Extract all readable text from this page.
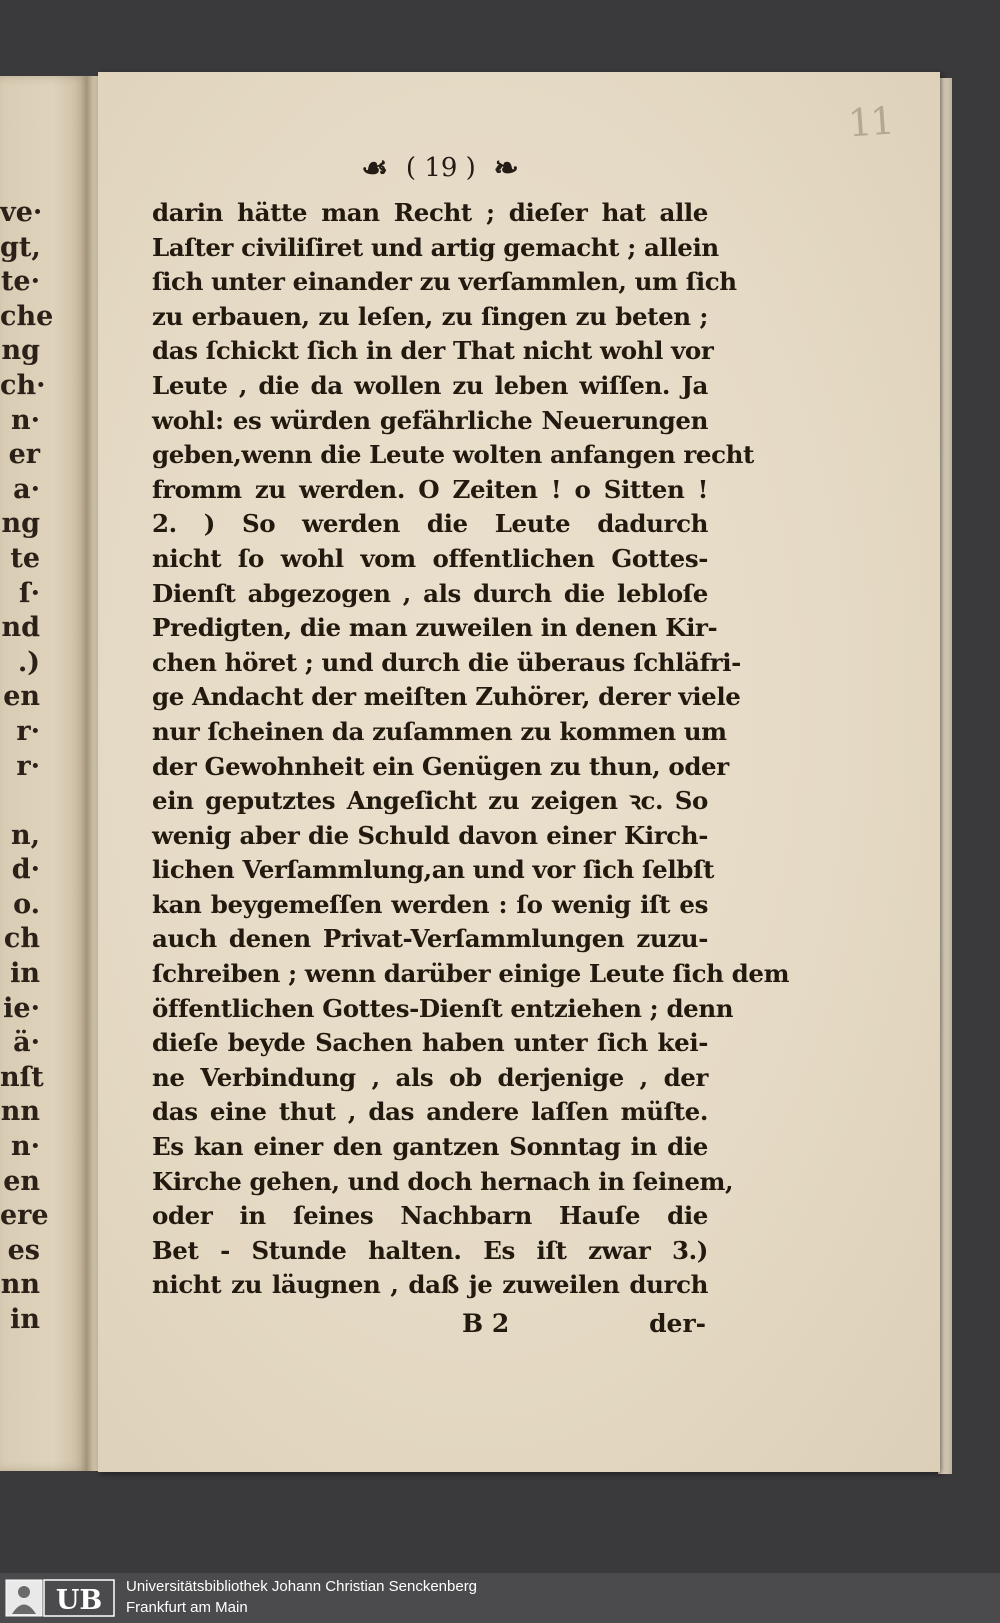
ve·
gt,
te·
che
ng
ch·
n·
er
a·
ng
te
ſ·
nd
.)
en
r·
r·
n,
d·
o.
ch
in
ie·
ä·
nſt
nn
n·
en
ere
es
nn
in
11
☙ ( 19 ) ❧
darin hätte man Recht ; dieſer hat alle
Laſter civiliſiret und artig gemacht ; allein
ſich unter einander zu verſammlen, um ſich
zu erbauen, zu leſen, zu ſingen zu beten ;
das ſchickt ſich in der That nicht wohl vor
Leute , die da wollen zu leben wiſſen. Ja
wohl: es würden gefährliche Neuerungen
geben,wenn die Leute wolten anfangen recht
fromm zu werden. O Zeiten ! o Sitten !
2. ) So werden die Leute dadurch
nicht ſo wohl vom offentlichen Gottes-
Dienſt abgezogen , als durch die lebloſe
Predigten, die man zuweilen in denen Kir-
chen höret ; und durch die überaus ſchläfri-
ge Andacht der meiſten Zuhörer, derer viele
nur ſcheinen da zuſammen zu kommen um
der Gewohnheit ein Genügen zu thun, oder
ein geputztes Angeſicht zu zeigen ꝛc. So
wenig aber die Schuld davon einer Kirch-
lichen Verſammlung,an und vor ſich ſelbſt
kan beygemeſſen werden : ſo wenig iſt es
auch denen Privat-Verſammlungen zuzu-
ſchreiben ; wenn darüber einige Leute ſich dem
öffentlichen Gottes-Dienſt entziehen ; denn
dieſe beyde Sachen haben unter ſich kei-
ne Verbindung , als ob derjenige , der
das eine thut , das andere laſſen müſte.
Es kan einer den gantzen Sonntag in die
Kirche gehen, und doch hernach in ſeinem,
oder in ſeines Nachbarn Hauſe die
Bet - Stunde halten. Es iſt zwar 3.)
nicht zu läugnen , daß je zuweilen durch
B 2	der-
UB Universitätsbibliothek Johann Christian Senckenberg
Frankfurt am Main
